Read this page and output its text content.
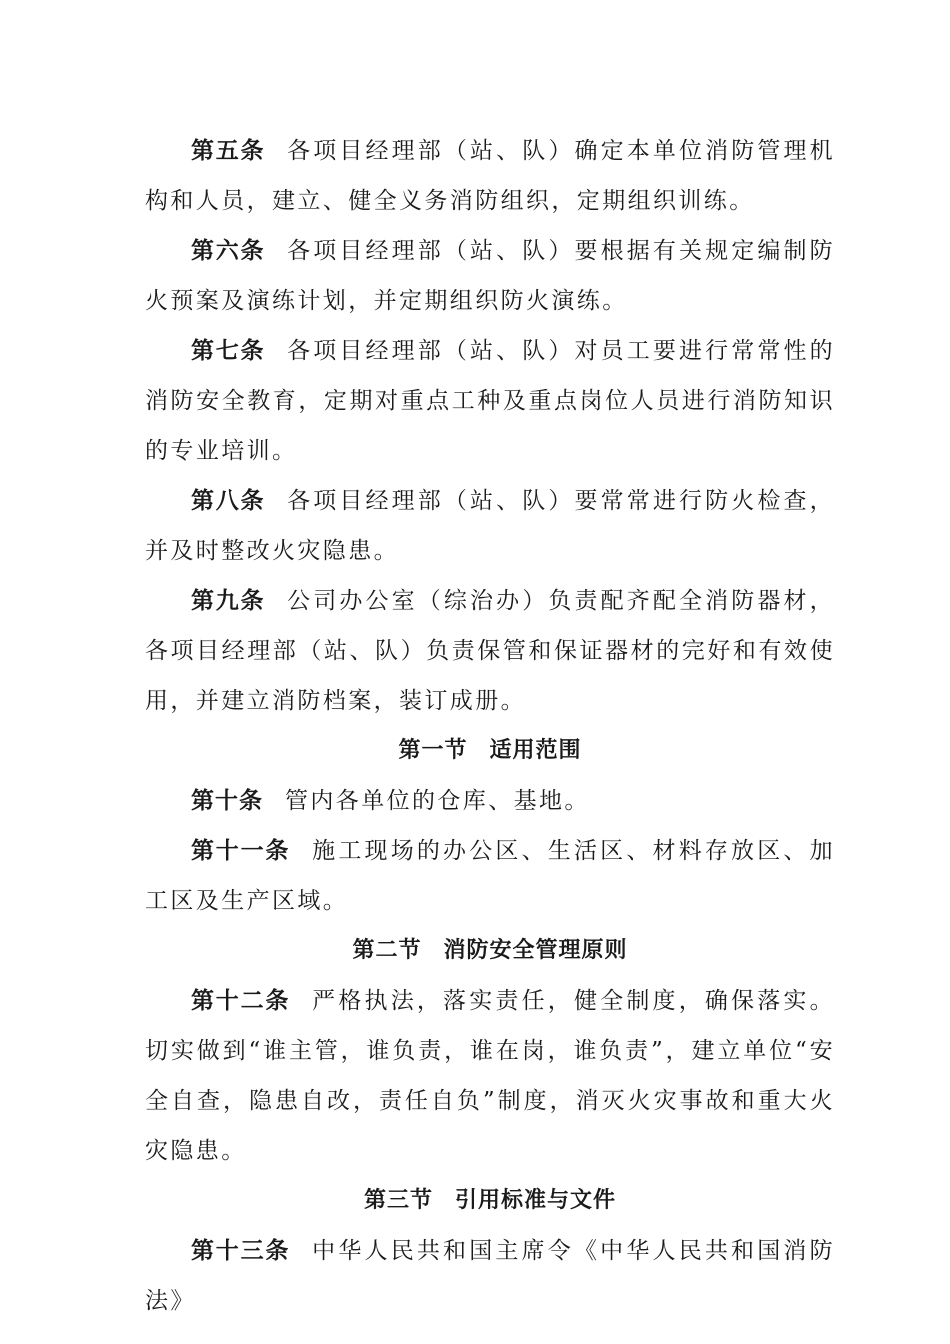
第五条 各项目经理部（站、队）确定本单位消防管理机构和人员，建立、健全义务消防组织，定期组织训练。

第六条 各项目经理部（站、队）要根据有关规定编制防火预案及演练计划，并定期组织防火演练。

第七条 各项目经理部（站、队）对员工要进行常常性的消防安全教育，定期对重点工种及重点岗位人员进行消防知识的专业培训。

第八条 各项目经理部（站、队）要常常进行防火检查，并及时整改火灾隐患。

第九条 公司办公室（综治办）负责配齐配全消防器材，各项目经理部（站、队）负责保管和保证器材的完好和有效使用，并建立消防档案，装订成册。

第一节 适用范围

第十条 管内各单位的仓库、基地。

第十一条 施工现场的办公区、生活区、材料存放区、加工区及生产区域。

第二节 消防安全管理原则

第十二条 严格执法，落实责任，健全制度，确保落实。切实做到“谁主管，谁负责，谁在岗，谁负责”，建立单位“安全自查，隐患自改，责任自负”制度，消灭火灾事故和重大火灾隐患。

第三节 引用标准与文件

第十三条 中华人民共和国主席令《中华人民共和国消防法》
